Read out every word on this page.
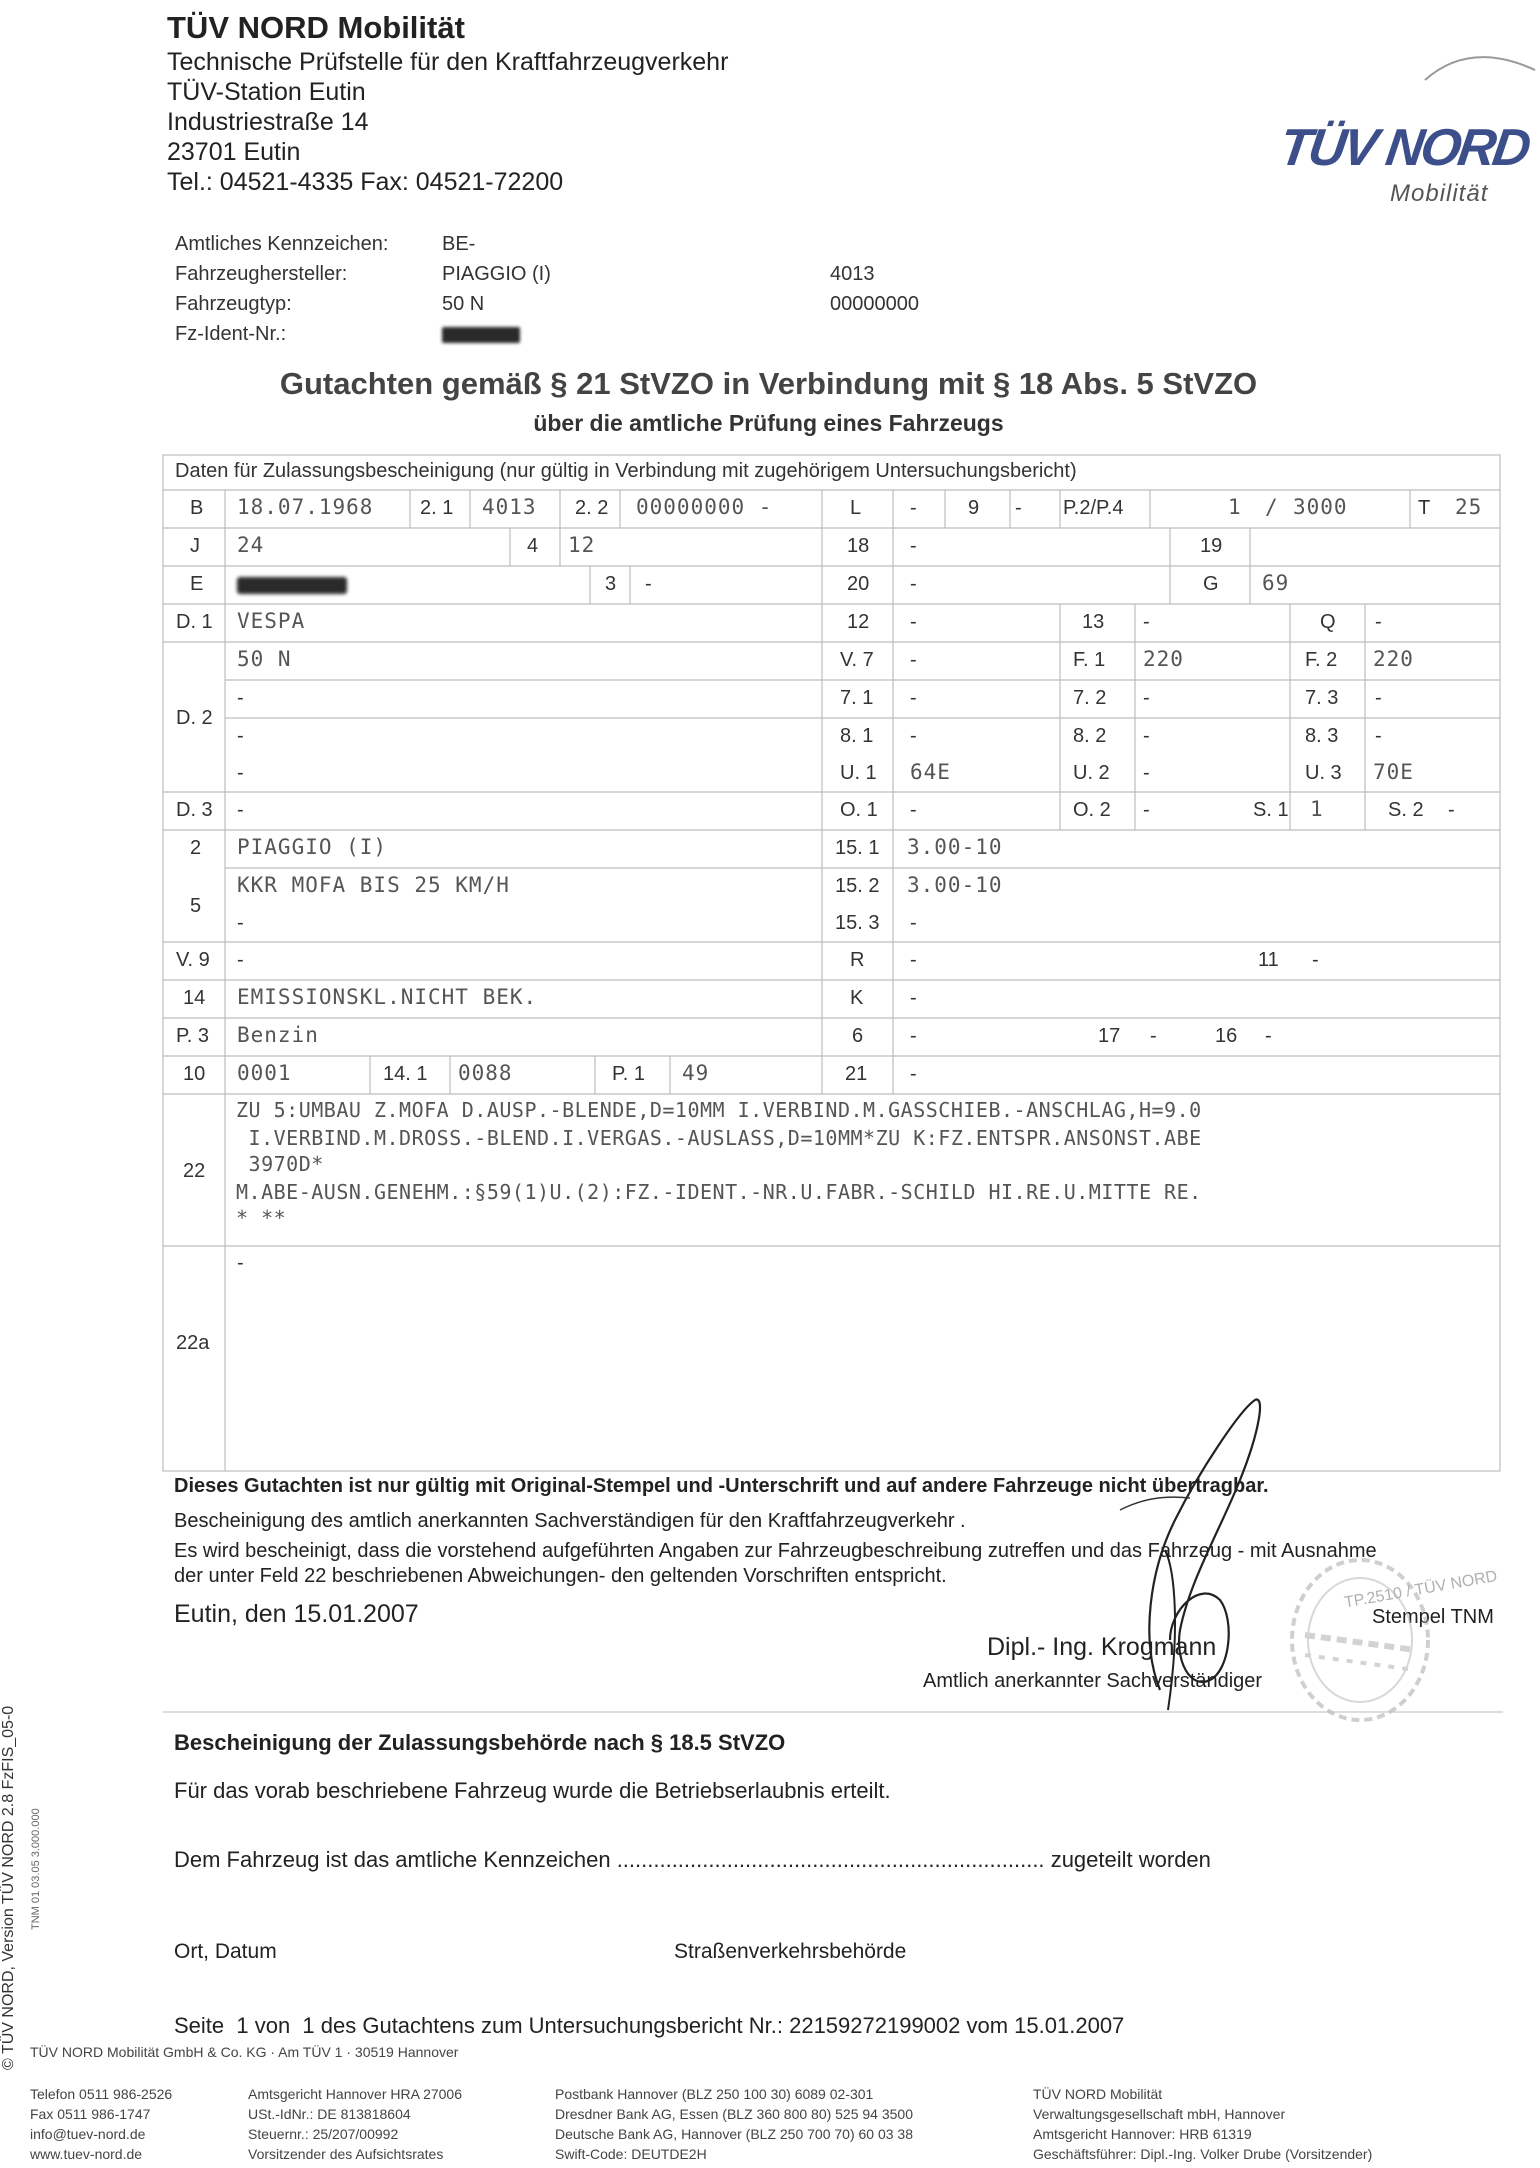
TÜV NORD Mobilität
Technische Prüfstelle für den Kraftfahrzeugverkehr
TÜV-Station Eutin
Industriestraße 14
23701 Eutin
Tel.: 04521-4335 Fax: 04521-72200
TÜV NORD
Mobilität
Amtliches Kennzeichen:	BE-
Fahrzeughersteller:	PIAGGIO (I)	4013
Fahrzeugtyp:	50 N	00000000
Fz-Ident-Nr.:
Gutachten gemäß § 21 StVZO in Verbindung mit § 18 Abs. 5 StVZO
über die amtliche Prüfung eines Fahrzeugs
Daten für Zulassungsbescheinigung (nur gültig in Verbindung mit zugehörigem Untersuchungsbericht)
B 18.07.1968 2. 1 4013 2. 2 00000000 -	L -	9 - P.2/P.4	1 / 3000	T 25
J 24	4 12	18 -	19
E	3 -	20 -	G 69
D. 1 VESPA	12 -	13 -	Q -
50 N	V. 7 -	F. 1 220	F. 2 220
D. 2
-	7. 1 -	7. 2 -	7. 3 -
-	8. 1 -	8. 2 -	8. 3 -
-	U. 1 64E	U. 2 -	U. 3 70E
D. 3 -	O. 1 -	O. 2 -	S. 1 1	S. 2 -
2 PIAGGIO (I)	15. 1 3.00-10
5
KKR MOFA BIS 25 KM/H	15. 2 3.00-10
-	15. 3 -
V. 9 -	R -	11 -
14 EMISSIONSKL.NICHT BEK.	K -
P. 3 Benzin	6 -	17 -	16 -
10 0001	14. 1 0088	P. 1 49	21 -
22
ZU 5:UMBAU Z.MOFA D.AUSP.-BLENDE,D=10MM I.VERBIND.M.GASSCHIEB.-ANSCHLAG,H=9.0
I.VERBIND.M.DROSS.-BLEND.I.VERGAS.-AUSLASS,D=10MM*ZU K:FZ.ENTSPR.ANSONST.ABE
3970D*
M.ABE-AUSN.GENEHM.:§59(1)U.(2):FZ.-IDENT.-NR.U.FABR.-SCHILD HI.RE.U.MITTE RE.
* **
22a
-
Dieses Gutachten ist nur gültig mit Original-Stempel und -Unterschrift und auf andere Fahrzeuge nicht übertragbar.
Bescheinigung des amtlich anerkannten Sachverständigen für den Kraftfahrzeugverkehr .
Es wird bescheinigt, dass die vorstehend aufgeführten Angaben zur Fahrzeugbeschreibung zutreffen und das Fahrzeug - mit Ausnahme
der unter Feld 22 beschriebenen Abweichungen- den geltenden Vorschriften entspricht.
Eutin, den 15.01.2007	Stempel TNM
TP.2510 / TÜV NORD
Dipl.- Ing. Krogmann
Amtlich anerkannter Sachverständiger
Bescheinigung der Zulassungsbehörde nach § 18.5 StVZO
Für das vorab beschriebene Fahrzeug wurde die Betriebserlaubnis erteilt.
Dem Fahrzeug ist das amtliche Kennzeichen ...................................................................... zugeteilt worden
Ort, Datum	Straßenverkehrsbehörde
Seite  1 von  1 des Gutachtens zum Untersuchungsbericht Nr.: 22159272199002 vom 15.01.2007
© TÜV NORD, Version TÜV NORD 2.8 FzFIS_05-0 TNM 01 03.05 3.000.000
TÜV NORD Mobilität GmbH & Co. KG · Am TÜV 1 · 30519 Hannover
Telefon 0511 986-2526
Fax 0511 986-1747
info@tuev-nord.de
www.tuev-nord.de
Amtsgericht Hannover HRA 27006
USt.-IdNr.: DE 813818604
Steuernr.: 25/207/00992
Vorsitzender des Aufsichtsrates
Postbank Hannover (BLZ 250 100 30) 6089 02-301
Dresdner Bank AG, Essen (BLZ 360 800 80) 525 94 3500
Deutsche Bank AG, Hannover (BLZ 250 700 70) 60 03 38
Swift-Code: DEUTDE2H
TÜV NORD Mobilität
Verwaltungsgesellschaft mbH, Hannover
Amtsgericht Hannover: HRB 61319
Geschäftsführer: Dipl.-Ing. Volker Drube (Vorsitzender)
